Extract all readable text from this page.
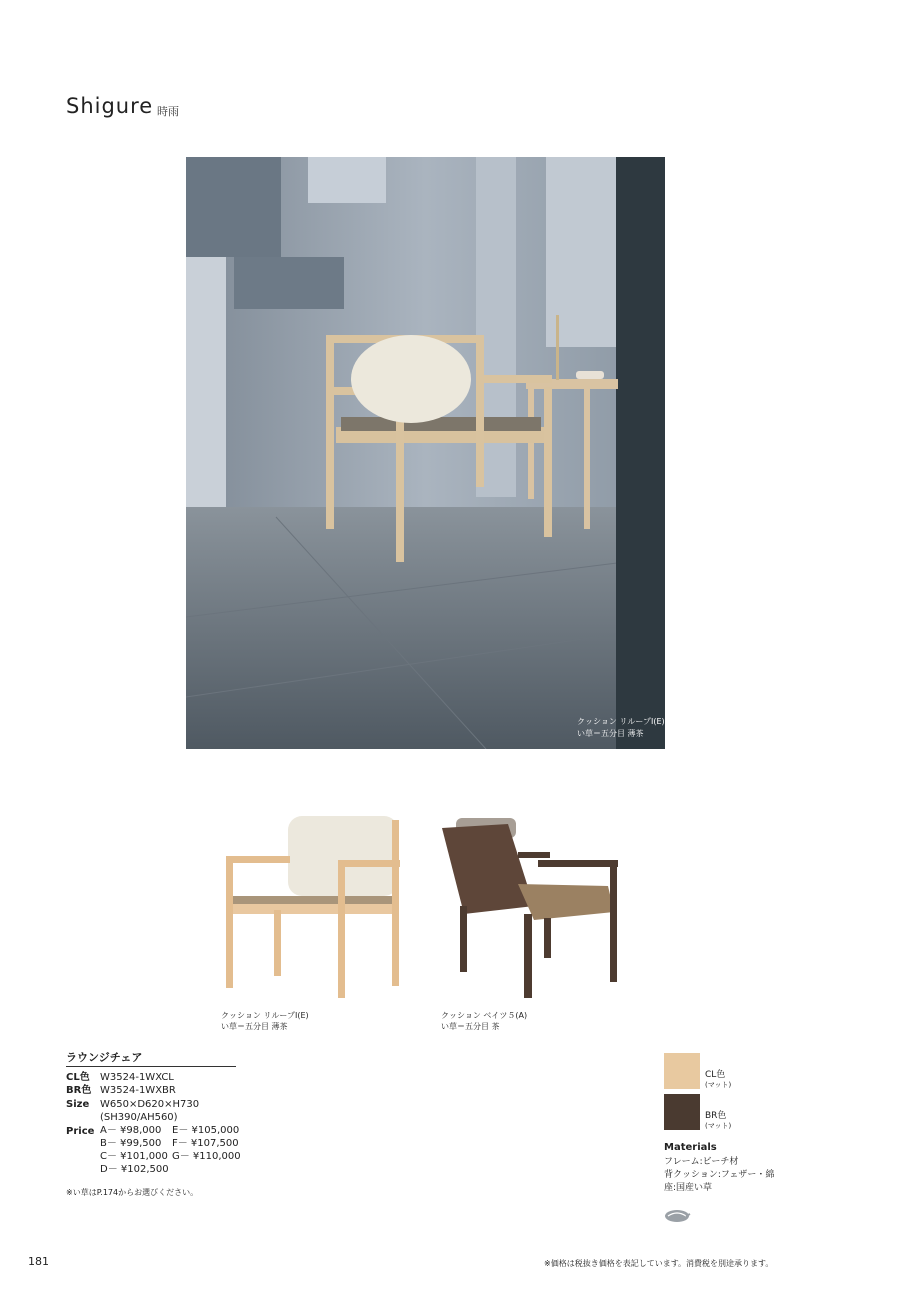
Shigure 時雨
クッション リループⅠ(E)
い草＝五分目 薄茶
クッション リループⅠ(E)
い草＝五分目 薄茶
クッション ベイツ５(A)
い草＝五分目 茶
ラウンジチェア
CL色 W3524-1WXCL
BR色 W3524-1WXBR
Size W650×D620×H730
(SH390/AH560)
Price A－ ¥98,000
B－ ¥99,500
C－ ¥101,000
D－ ¥102,500
E－ ¥105,000
F－ ¥107,500
G－ ¥110,000
※い草はP.174からお選びください。
CL色
(マット)
BR色
(マット)
Materials
フレーム:ビーチ材
背クッション:フェザー・綿
座:国産い草
181	※価格は税抜き価格を表記しています。消費税を別途承ります。
